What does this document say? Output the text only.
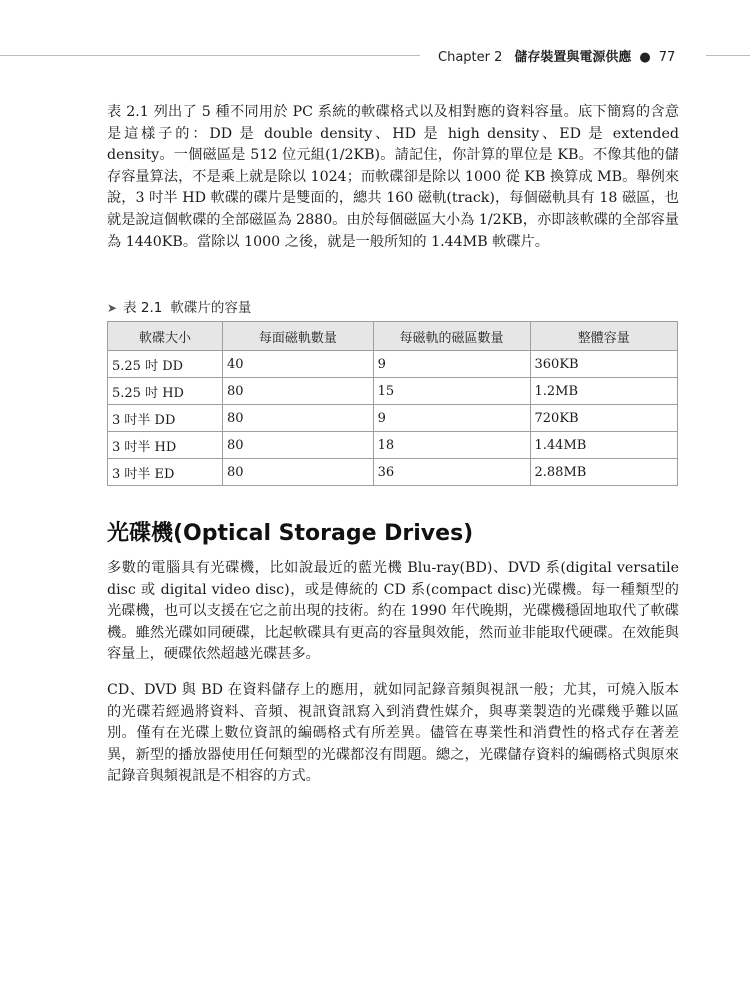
Chapter 2 儲存裝置與電源供應 ● 77

表 2.1 列出了 5 種不同用於 PC 系統的軟碟格式以及相對應的資料容量。底下簡寫的含意是這樣子的：DD 是 double density、HD 是 high density、ED 是 extended density。一個磁區是 512 位元組(1/2KB)。請記住，你計算的單位是 KB。不像其他的儲存容量算法，不是乘上就是除以 1024；而軟碟卻是除以 1000 從 KB 換算成 MB。舉例來說，3 吋半 HD 軟碟的碟片是雙面的，總共 160 磁軌(track)，每個磁軌具有 18 磁區，也就是說這個軟碟的全部磁區為 2880。由於每個磁區大小為 1/2KB，亦即該軟碟的全部容量為 1440KB。當除以 1000 之後，就是一般所知的 1.44MB 軟碟片。

➤ 表 2.1 軟碟片的容量
軟碟大小	每面磁軌數量	每磁軌的磁區數量	整體容量
5.25 吋 DD	40	9	360KB
5.25 吋 HD	80	15	1.2MB
3 吋半 DD	80	9	720KB
3 吋半 HD	80	18	1.44MB
3 吋半 ED	80	36	2.88MB
光碟機(Optical Storage Drives)

多數的電腦具有光碟機，比如說最近的藍光機 Blu-ray(BD)、DVD 系(digital versatile disc 或 digital video disc)，或是傳統的 CD 系(compact disc)光碟機。每一種類型的光碟機，也可以支援在它之前出現的技術。約在 1990 年代晚期，光碟機穩固地取代了軟碟機。雖然光碟如同硬碟，比起軟碟具有更高的容量與效能，然而並非能取代硬碟。在效能與容量上，硬碟依然超越光碟甚多。

CD、DVD 與 BD 在資料儲存上的應用，就如同記錄音頻與視訊一般；尤其，可燒入版本的光碟若經過將資料、音頻、視訊資訊寫入到消費性媒介，與專業製造的光碟幾乎難以區別。僅有在光碟上數位資訊的編碼格式有所差異。儘管在專業性和消費性的格式存在著差異，新型的播放器使用任何類型的光碟都沒有問題。總之，光碟儲存資料的編碼格式與原來記錄音與頻視訊是不相容的方式。
